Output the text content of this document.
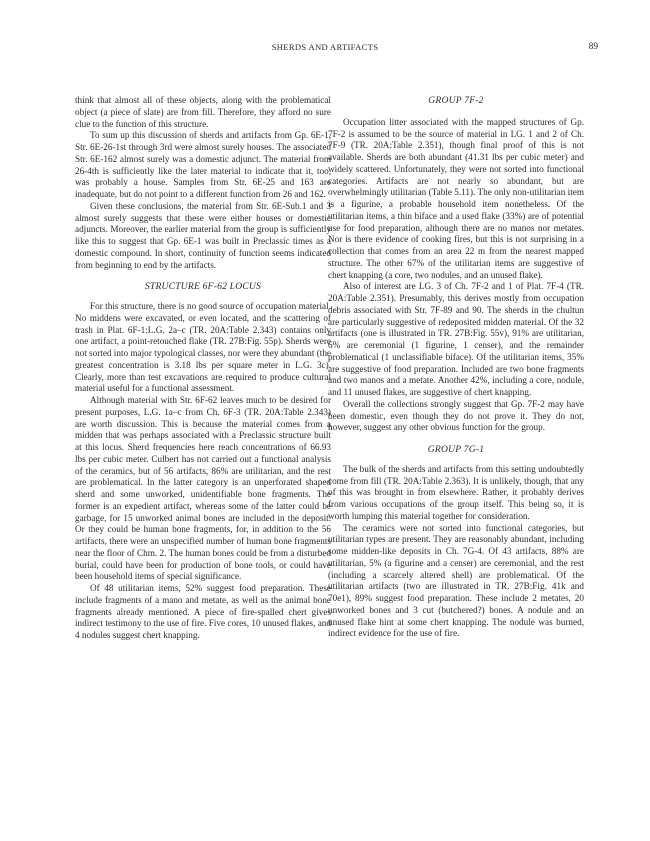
SHERDS AND ARTIFACTS	89

think that almost all of these objects, along with the problematical object (a piece of slate) are from fill. Therefore, they afford no sure clue to the function of this structure.

To sum up this discussion of sherds and artifacts from Gp. 6E-1, Str. 6E-26-1st through 3rd were almost surely houses. The associated Str. 6E-162 almost surely was a domestic adjunct. The material from 26-4th is sufficiently like the later material to indicate that it, too, was probably a house. Samples from Str. 6E-25 and 163 are inadequate, but do not point to a different function from 26 and 162.

Given these conclusions, the material from Str. 6E-Sub.1 and 3 almost surely suggests that these were either houses or domestic adjuncts. Moreover, the earlier material from the group is sufficiently like this to suggest that Gp. 6E-1 was built in Preclassic times as a domestic compound. In short, continuity of function seems indicated from beginning to end by the artifacts.

STRUCTURE 6F-62 LOCUS

For this structure, there is no good source of occupation material. No middens were excavated, or even located, and the scattering of trash in Plat. 6F-1:L.G. 2a–c (TR. 20A:Table 2.343) contains only one artifact, a point-retouched flake (TR. 27B:Fig. 55p). Sherds were not sorted into major typological classes, nor were they abundant (the greatest concentration is 3.18 lbs per square meter in L.G. 3c). Clearly, more than test excavations are required to produce cultural material useful for a functional assessment.

Although material with Str. 6F-62 leaves much to be desired for present purposes, L.G. 1a–c from Ch. 6F-3 (TR. 20A:Table 2.343) are worth discussion. This is because the material comes from a midden that was perhaps associated with a Preclassic structure built at this locus. Sherd frequencies here reach concentrations of 66.93 lbs per cubic meter. Culbert has not carried out a functional analysis of the ceramics, but of 56 artifacts, 86% are utilitarian, and the rest are problematical. In the latter category is an unperforated shaped sherd and some unworked, unidentifiable bone fragments. The former is an expedient artifact, whereas some of the latter could be garbage, for 15 unworked animal bones are included in the deposit. Or they could be human bone fragments, for, in addition to the 56 artifacts, there were an unspecified number of human bone fragments near the floor of Chm. 2. The human bones could be from a disturbed burial, could have been for production of bone tools, or could have been household items of special significance.

Of 48 utilitarian items, 52% suggest food preparation. These include fragments of a mano and metate, as well as the animal bone fragments already mentioned. A piece of fire-spalled chert gives indirect testimony to the use of fire. Five cores, 10 unused flakes, and 4 nodules suggest chert knapping.

GROUP 7F-2

Occupation litter associated with the mapped structures of Gp. 7F-2 is assumed to be the source of material in LG. 1 and 2 of Ch. 7F-9 (TR. 20A:Table 2.351), though final proof of this is not available. Sherds are both abundant (41.31 lbs per cubic meter) and widely scattered. Unfortunately, they were not sorted into functional categories. Artifacts are not nearly so abundant, but are overwhelmingly utilitarian (Table 5.11). The only non-utilitarian item is a figurine, a probable household item nonetheless. Of the utilitarian items, a thin biface and a used flake (33%) are of potential use for food preparation, although there are no manos nor metates. Nor is there evidence of cooking fires, but this is not surprising in a collection that comes from an area 22 m from the nearest mapped structure. The other 67% of the utilitarian items are suggestive of chert knapping (a core, two nodules, and an unused flake).

Also of interest are LG. 3 of Ch. 7F-2 and 1 of Plat. 7F-4 (TR. 20A:Table 2.351). Presumably, this derives mostly from occupation debris associated with Str. 7F-89 and 90. The sherds in the chultun are particularly suggestive of redeposited midden material. Of the 32 artifacts (one is illustrated in TR. 27B:Fig. 55v), 91% are utilitarian, 6% are ceremonial (1 figurine, 1 censer), and the remainder problematical (1 unclassifiable biface). Of the utilitarian items, 35% are suggestive of food preparation. Included are two bone fragments and two manos and a metate. Another 42%, including a core, nodule, and 11 unused flakes, are suggestive of chert knapping.

Overall the collections strongly suggest that Gp. 7F-2 may have been domestic, even though they do not prove it. They do not, however, suggest any other obvious function for the group.

GROUP 7G-1

The bulk of the sherds and artifacts from this setting undoubtedly come from fill (TR. 20A:Table 2.363). It is unlikely, though, that any of this was brought in from elsewhere. Rather, it probably derives from various occupations of the group itself. This being so, it is worth lumping this material together for consideration.

The ceramics were not sorted into functional categories, but utilitarian types are present. They are reasonably abundant, including some midden-like deposits in Ch. 7G-4. Of 43 artifacts, 88% are utilitarian, 5% (a figurine and a censer) are ceremonial, and the rest (including a scarcely altered shell) are problematical. Of the utilitarian artifacts (two are illustrated in TR. 27B:Fig. 41k and 70e1), 89% suggest food preparation. These include 2 metates, 20 unworked bones and 3 cut (butchered?) bones. A nodule and an unused flake hint at some chert knapping. The nodule was burned, indirect evidence for the use of fire.
